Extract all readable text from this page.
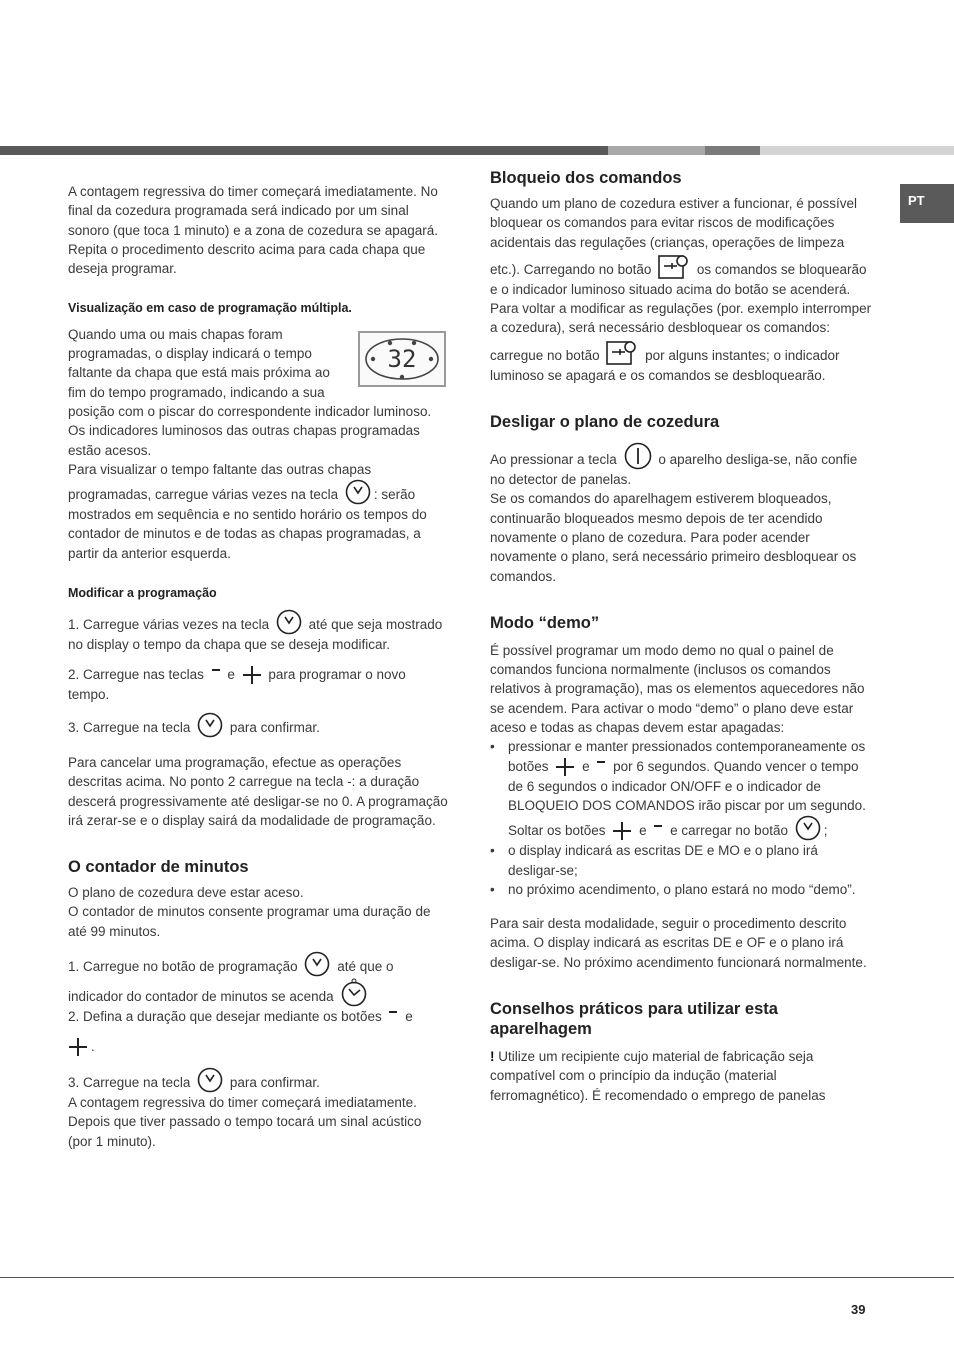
PT

A contagem regressiva do timer começará imediatamente. No final da cozedura programada será indicado por um sinal sonoro (que toca 1 minuto) e a zona de cozedura se apagará.

Repita o procedimento descrito acima para cada chapa que deseja programar.

Visualização em caso de programação múltipla.
32

Quando uma ou mais chapas foram programadas, o display indicará o tempo faltante da chapa que está mais próxima ao fim do tempo programado, indicando a sua posição com o piscar do correspondente indicador luminoso. Os indicadores luminosos das outras chapas programadas estão acesos.

Para visualizar o tempo faltante das outras chapas programadas, carregue várias vezes na tecla	: serão mostrados em sequência e no sentido horário os tempos do contador de minutos e de todas as chapas programadas, a partir da anterior esquerda.

Modificar a programação

1. Carregue várias vezes na tecla	até que seja mostrado no display o tempo da chapa que se deseja modificar.

2. Carregue nas teclas e para programar o novo tempo.

3. Carregue na tecla	para confirmar.

Para cancelar uma programação, efectue as operações descritas acima. No ponto 2 carregue na tecla -: a duração descerá progressivamente até desligar-se no 0. A programação irá zerar-se e o display sairá da modalidade de programação.

O contador de minutos

O plano de cozedura deve estar aceso.

O contador de minutos consente programar uma duração de até 99 minutos.

1. Carregue no botão de programação	até que o indicador do contador de minutos se acenda

2. Defina a duração que desejar mediante os botões e

.

3. Carregue na tecla	para confirmar.

A contagem regressiva do timer começará imediatamente.

Depois que tiver passado o tempo tocará um sinal acústico (por 1 minuto).

Bloqueio dos comandos

Quando um plano de cozedura estiver a funcionar, é possível bloquear os comandos para evitar riscos de modificações acidentais das regulações (crianças, operações de limpeza etc.). Carregando no botão	os comandos se bloquearão e o indicador luminoso situado acima do botão se acenderá.

Para voltar a modificar as regulações (por. exemplo interromper a cozedura), será necessário desbloquear os comandos: carregue no botão	por alguns instantes; o indicador luminoso se apagará e os comandos se desbloquearão.

Desligar o plano de cozedura

Ao pressionar a tecla	o aparelho desliga-se, não confie no detector de panelas.

Se os comandos do aparelhagem estiverem bloqueados, continuarão bloqueados mesmo depois de ter acendido novamente o plano de cozedura. Para poder acender novamente o plano, será necessário primeiro desbloquear os comandos.

Modo “demo”

É possível programar um modo demo no qual o painel de comandos funciona normalmente (inclusos os comandos relativos à programação), mas os elementos aquecedores não se acendem. Para activar o modo “demo” o plano deve estar aceso e todas as chapas devem estar apagadas:

• pressionar e manter pressionados contemporaneamente os botões e por 6 segundos. Quando vencer o tempo de 6 segundos o indicador ON/OFF e o indicador de BLOQUEIO DOS COMANDOS irão piscar por um segundo. Soltar os botões e e carregar no botão	;
• o display indicará as escritas DE e MO e o plano irá desligar-se;
• no próximo acendimento, o plano estará no modo “demo”.

Para sair desta modalidade, seguir o procedimento descrito acima. O display indicará as escritas DE e OF e o plano irá desligar-se. No próximo acendimento funcionará normalmente.

Conselhos práticos para utilizar esta aparelhagem

! Utilize um recipiente cujo material de fabricação seja compatível com o princípio da indução (material ferromagnético). É recomendado o emprego de panelas

39
